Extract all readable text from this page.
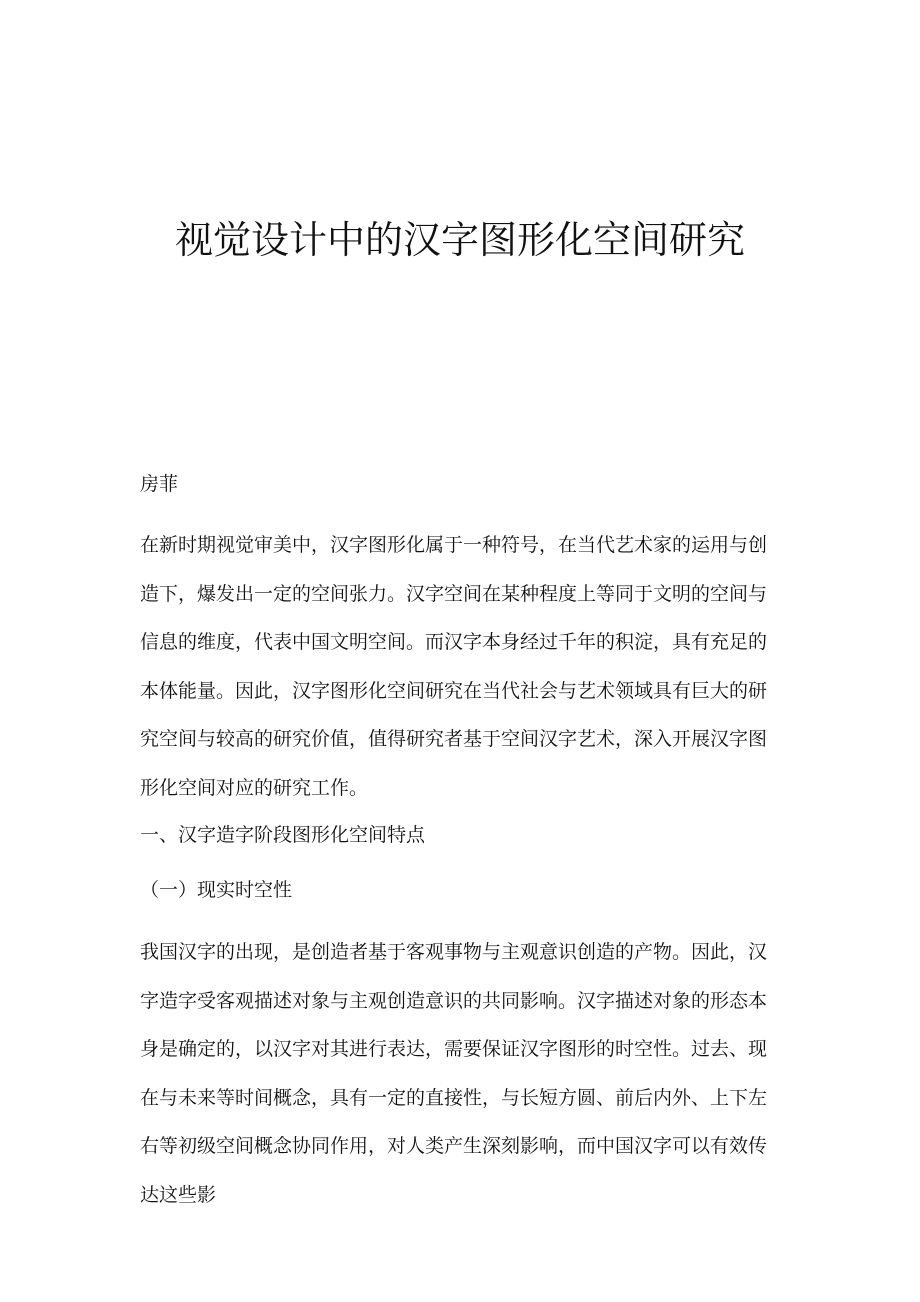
视觉设计中的汉字图形化空间研究

房菲

在新时期视觉审美中，汉字图形化属于一种符号，在当代艺术家的运用与创造下，爆发出一定的空间张力。汉字空间在某种程度上等同于文明的空间与信息的维度，代表中国文明空间。而汉字本身经过千年的积淀，具有充足的本体能量。因此，汉字图形化空间研究在当代社会与艺术领域具有巨大的研究空间与较高的研究价值，值得研究者基于空间汉字艺术，深入开展汉字图形化空间对应的研究工作。

一、汉字造字阶段图形化空间特点

（一）现实时空性

我国汉字的出现，是创造者基于客观事物与主观意识创造的产物。因此，汉字造字受客观描述对象与主观创造意识的共同影响。汉字描述对象的形态本身是确定的，以汉字对其进行表达，需要保证汉字图形的时空性。过去、现在与未来等时间概念，具有一定的直接性，与长短方圆、前后内外、上下左右等初级空间概念协同作用，对人类产生深刻影响，而中国汉字可以有效传达这些影
